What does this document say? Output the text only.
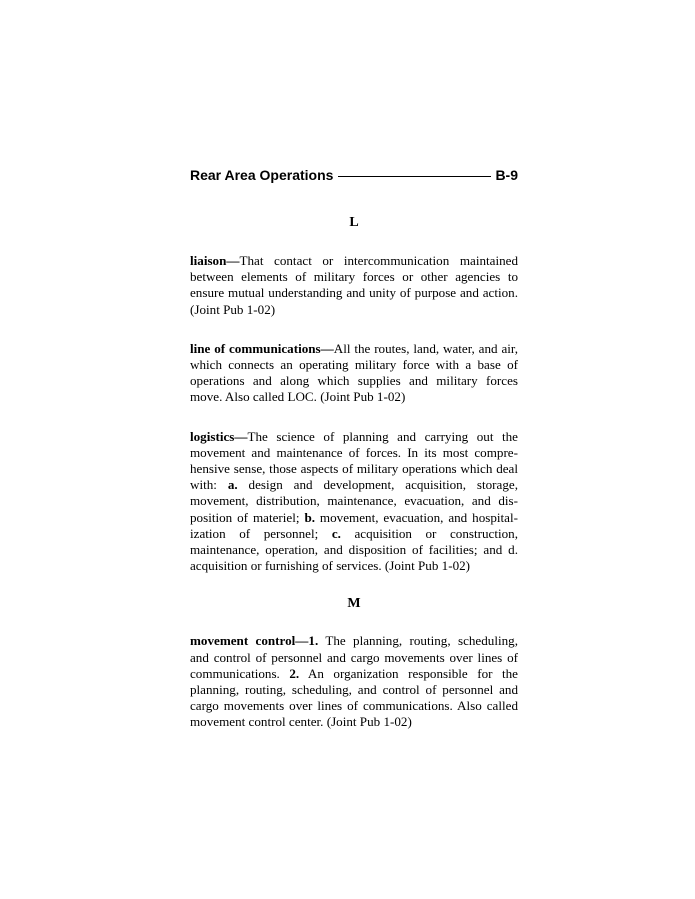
Rear Area Operations	B-9
L

liaison—That contact or intercommunication maintained between elements of military forces or other agencies to ensure mutual understanding and unity of purpose and action. (Joint Pub 1-02)

line of communications—All the routes, land, water, and air, which connects an operating military force with a base of operations and along which supplies and military forces move. Also called LOC. (Joint Pub 1-02)

logistics—The science of planning and carrying out the movement and maintenance of forces. In its most comprehensive sense, those aspects of military operations which deal with: a. design and development, acquisition, storage, movement, distribution, maintenance, evacuation, and disposition of materiel; b. movement, evacuation, and hospitalization of personnel; c. acquisition or construction, maintenance, operation, and disposition of facilities; and d. acquisition or furnishing of services. (Joint Pub 1-02)

M

movement control—1. The planning, routing, scheduling, and control of personnel and cargo movements over lines of communications. 2. An organization responsible for the planning, routing, scheduling, and control of personnel and cargo movements over lines of communications. Also called movement control center. (Joint Pub 1-02)
